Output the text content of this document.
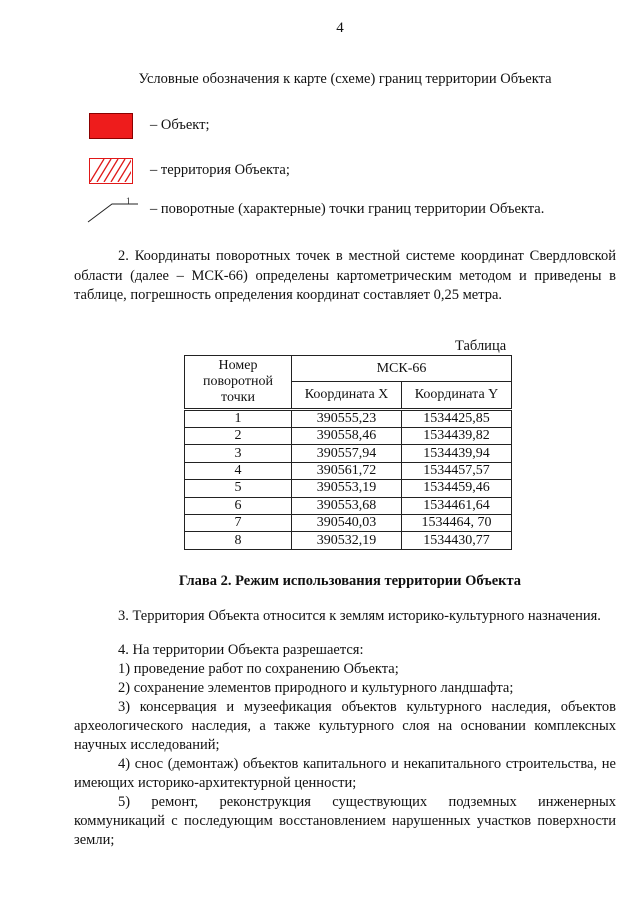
4
Условные обозначения к карте (схеме) границ территории Объекта
– Объект;
– территория Объекта;
1 – поворотные (характерные) точки границ территории Объекта.
2. Координаты поворотных точек в местной системе координат Свердловской области (далее – МСК-66) определены картометрическим методом и приведены в таблице, погрешность определения координат составляет 0,25 метра.
Таблица
Номер поворотной точки	МСК-66	
	Координата X	Координата Y
1	390555,23	1534425,85
2	390558,46	1534439,82
3	390557,94	1534439,94
4	390561,72	1534457,57
5	390553,19	1534459,46
6	390553,68	1534461,64
7	390540,03	1534464, 70
8	390532,19	1534430,77
Глава 2. Режим использования территории Объекта
3. Территория Объекта относится к землям историко-культурного назначения.
4. На территории Объекта разрешается:
1) проведение работ по сохранению Объекта;
2) сохранение элементов природного и культурного ландшафта;
3) консервация и музеефикация объектов культурного наследия, объектов археологического наследия, а также культурного слоя на основании комплексных научных исследований;
4) снос (демонтаж) объектов капитального и некапитального строительства, не имеющих историко-архитектурной ценности;
5) ремонт, реконструкция существующих подземных инженерных коммуникаций с последующим восстановлением нарушенных участков поверхности земли;
